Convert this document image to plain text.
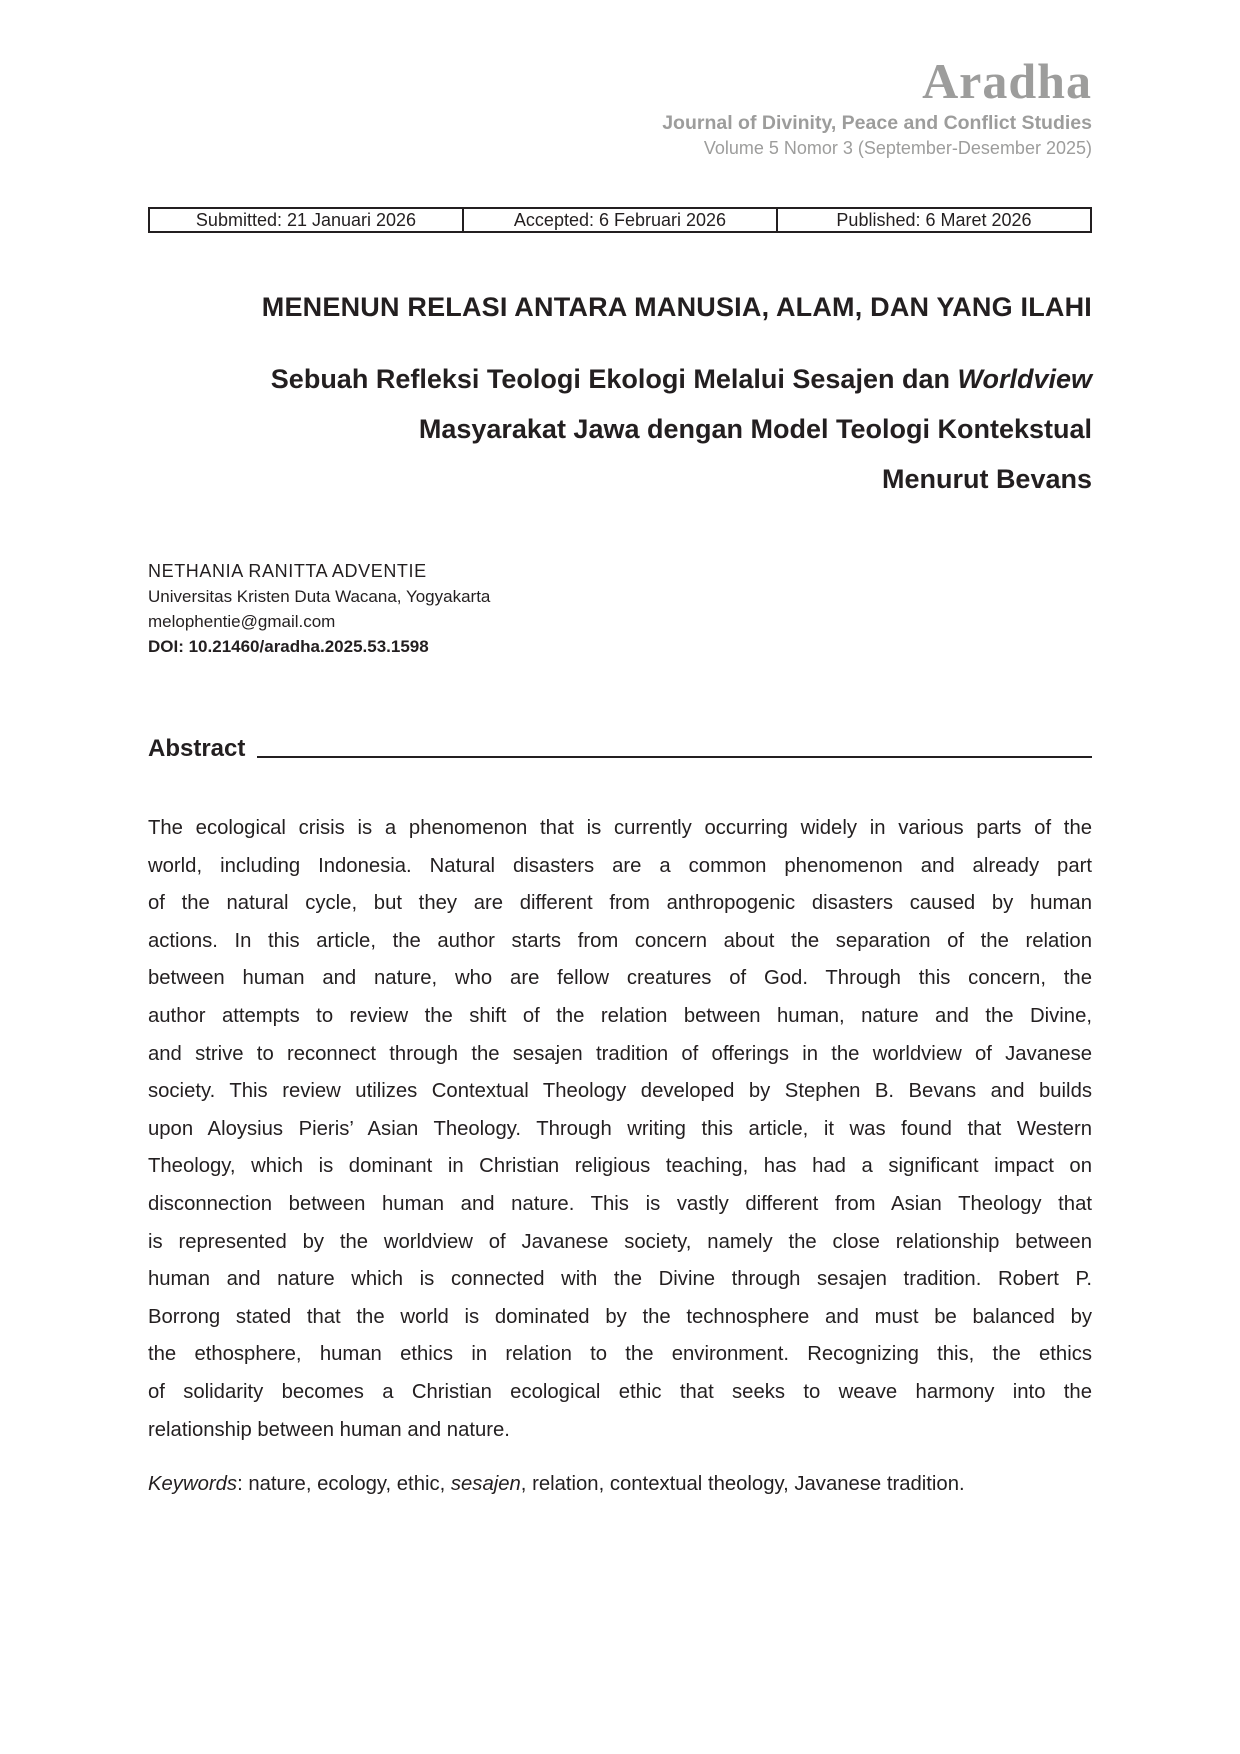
Aradha
Journal of Divinity, Peace and Conflict Studies
Volume 5 Nomor 3 (September-Desember 2025)
Submitted: 21 Januari 2026	Accepted: 6 Februari 2026	Published: 6 Maret 2026
MENENUN RELASI ANTARA MANUSIA, ALAM, DAN YANG ILAHI
Sebuah Refleksi Teologi Ekologi Melalui Sesajen dan Worldview
Masyarakat Jawa dengan Model Teologi Kontekstual
Menurut Bevans
NETHANIA RANITTA ADVENTIE
Universitas Kristen Duta Wacana, Yogyakarta
melophentie@gmail.com
DOI: 10.21460/aradha.2025.53.1598
Abstract
The ecological crisis is a phenomenon that is currently occurring widely in various parts of the
world, including Indonesia. Natural disasters are a common phenomenon and already part
of the natural cycle, but they are different from anthropogenic disasters caused by human
actions. In this article, the author starts from concern about the separation of the relation
between human and nature, who are fellow creatures of God. Through this concern, the
author attempts to review the shift of the relation between human, nature and the Divine,
and strive to reconnect through the sesajen tradition of offerings in the worldview of Javanese
society. This review utilizes Contextual Theology developed by Stephen B. Bevans and builds
upon Aloysius Pieris’ Asian Theology. Through writing this article, it was found that Western
Theology, which is dominant in Christian religious teaching, has had a significant impact on
disconnection between human and nature. This is vastly different from Asian Theology that
is represented by the worldview of Javanese society, namely the close relationship between
human and nature which is connected with the Divine through sesajen tradition. Robert P.
Borrong stated that the world is dominated by the technosphere and must be balanced by
the ethosphere, human ethics in relation to the environment. Recognizing this, the ethics
of solidarity becomes a Christian ecological ethic that seeks to weave harmony into the
relationship between human and nature.
Keywords: nature, ecology, ethic, sesajen, relation, contextual theology, Javanese tradition.
